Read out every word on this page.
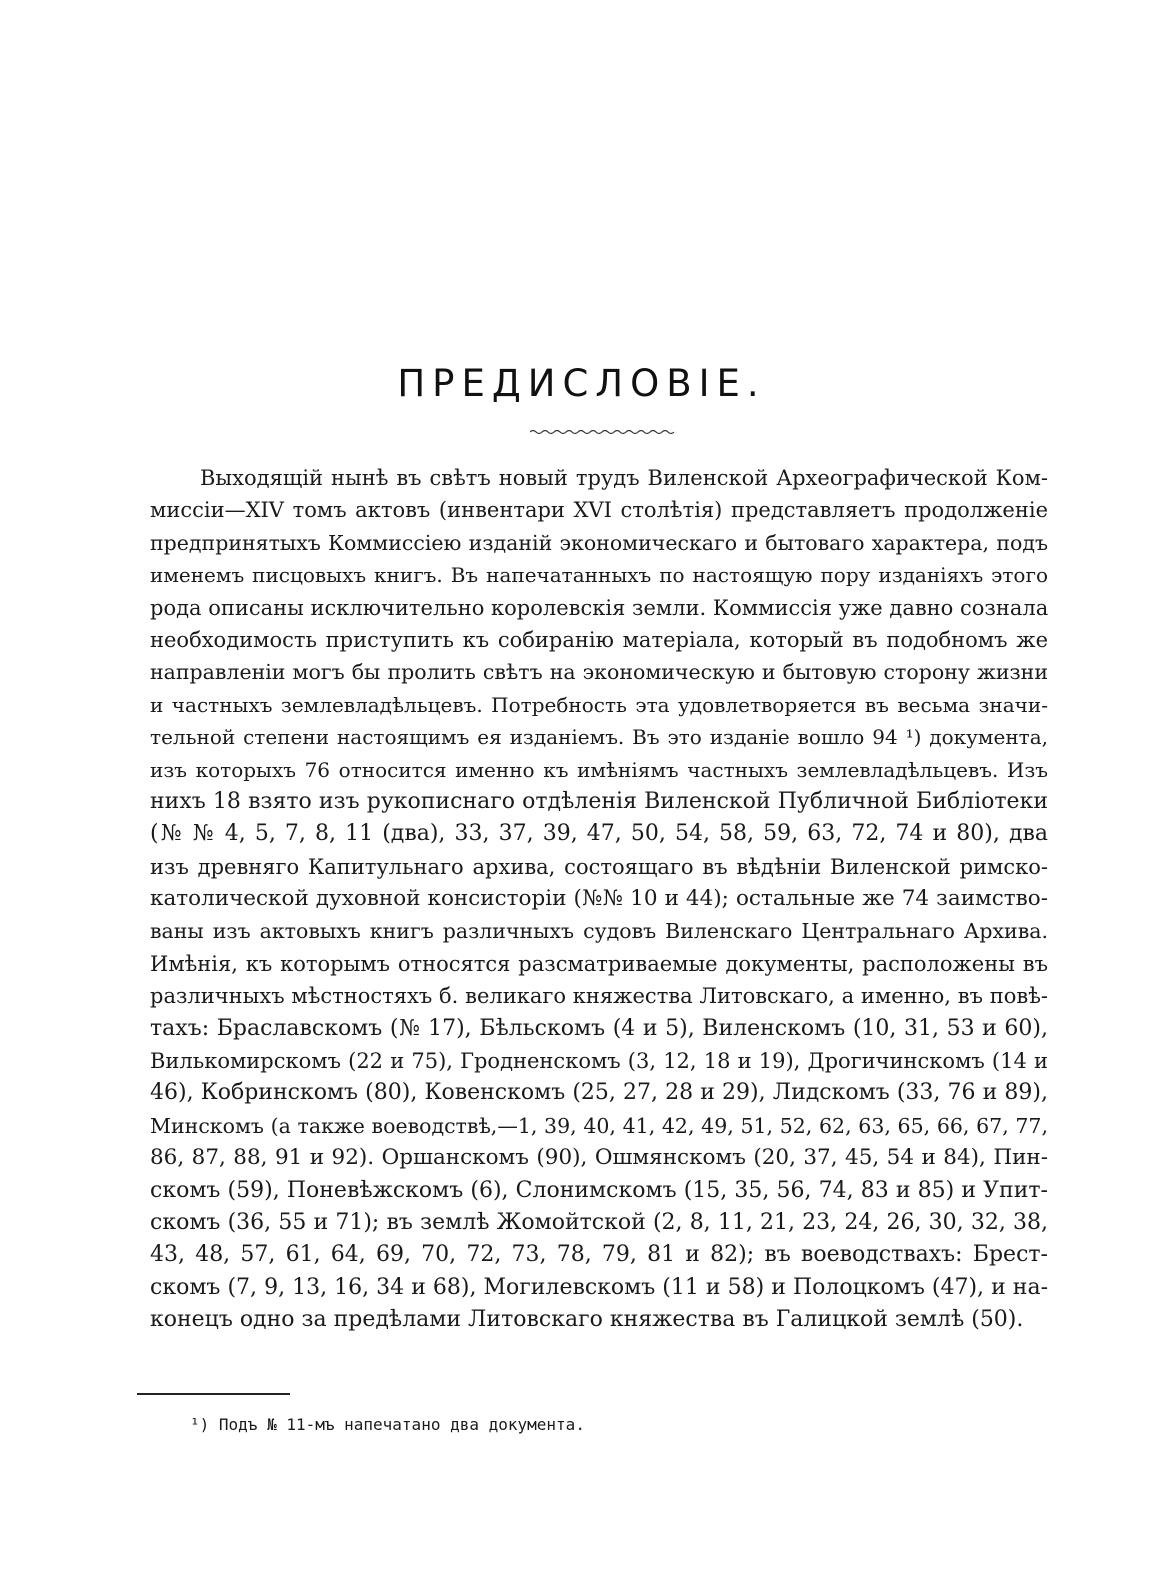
ПРЕДИСЛОВІЕ.
Выходящій нынѣ въ свѣтъ новый трудъ Виленской Археографической Ком-
миссіи—XIV томъ актовъ (инвентари XVI столѣтія) представляетъ продолженіе
предпринятыхъ Коммиссіею изданій экономическаго и бытоваго характера, подъ
именемъ писцовыхъ книгъ. Въ напечатанныхъ по настоящую пору изданіяхъ этого
рода описаны исключительно королевскія земли. Коммиссія уже давно сознала
необходимость приступить къ собиранію матеріала, который въ подобномъ же
направленіи могъ бы пролить свѣтъ на экономическую и бытовую сторону жизни
и частныхъ землевладѣльцевъ. Потребность эта удовлетворяется въ весьма значи-
тельной степени настоящимъ ея изданіемъ. Въ это изданіе вошло 94 ¹) документа,
изъ которыхъ 76 относится именно къ имѣніямъ частныхъ землевладѣльцевъ. Изъ
нихъ 18 взято изъ рукописнаго отдѣленія Виленской Публичной Библіотеки
(№ № 4, 5, 7, 8, 11 (два), 33, 37, 39, 47, 50, 54, 58, 59, 63, 72, 74 и 80), два
изъ древняго Капитульнаго архива, состоящаго въ вѣдѣніи Виленской римско-
католической духовной консисторіи (№№ 10 и 44); остальные же 74 заимство-
ваны изъ актовыхъ книгъ различныхъ судовъ Виленскаго Центральнаго Архива.
Имѣнія, къ которымъ относятся разсматриваемые документы, расположены въ
различныхъ мѣстностяхъ б. великаго княжества Литовскаго, а именно, въ повѣ-
тахъ: Браславскомъ (№ 17), Бѣльскомъ (4 и 5), Виленскомъ (10, 31, 53 и 60),
Вилькомирскомъ (22 и 75), Гродненскомъ (3, 12, 18 и 19), Дрогичинскомъ (14 и
46), Кобринскомъ (80), Ковенскомъ (25, 27, 28 и 29), Лидскомъ (33, 76 и 89),
Минскомъ (а также воеводствѣ,—1, 39, 40, 41, 42, 49, 51, 52, 62, 63, 65, 66, 67, 77,
86, 87, 88, 91 и 92). Оршанскомъ (90), Ошмянскомъ (20, 37, 45, 54 и 84), Пин-
скомъ (59), Поневѣжскомъ (6), Слонимскомъ (15, 35, 56, 74, 83 и 85) и Упит-
скомъ (36, 55 и 71); въ землѣ Жомойтской (2, 8, 11, 21, 23, 24, 26, 30, 32, 38,
43, 48, 57, 61, 64, 69, 70, 72, 73, 78, 79, 81 и 82); въ воеводствахъ: Брест-
скомъ (7, 9, 13, 16, 34 и 68), Могилевскомъ (11 и 58) и Полоцкомъ (47), и на-
конецъ одно за предѣлами Литовскаго княжества въ Галицкой землѣ (50).
¹) Подъ № 11-мъ напечатано два документа.
